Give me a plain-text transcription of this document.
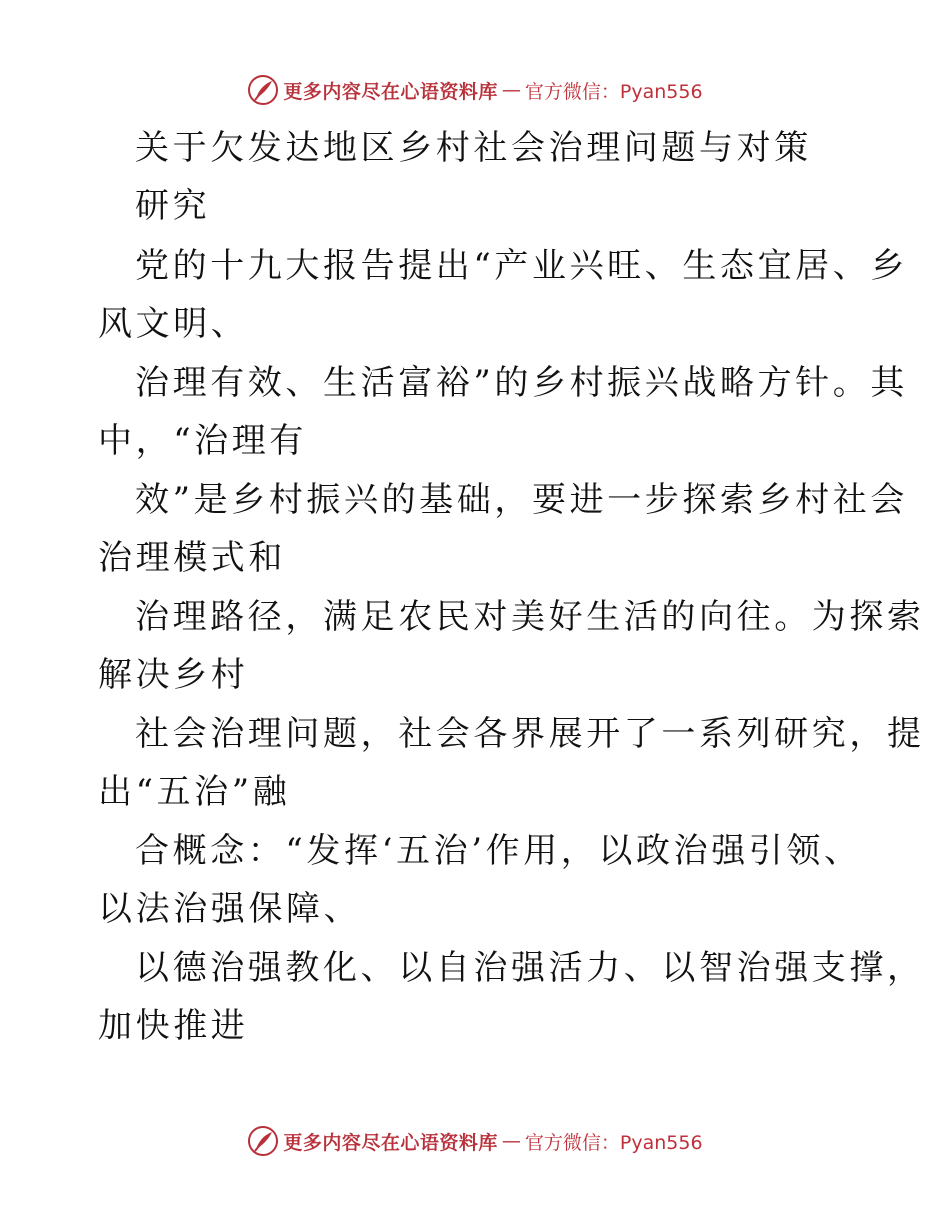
更多内容尽在心语资料库 — 官方微信：Pyan556
关于欠发达地区乡村社会治理问题与对策
研究
党的十九大报告提出“产业兴旺、生态宜居、乡
风文明、
治理有效、生活富裕”的乡村振兴战略方针。其
中，“治理有
效”是乡村振兴的基础，要进一步探索乡村社会
治理模式和
治理路径，满足农民对美好生活的向往。为探索
解决乡村
社会治理问题，社会各界展开了一系列研究，提
出“五治”融
合概念：“发挥‘五治’作用，以政治强引领、
以法治强保障、
以德治强教化、以自治强活力、以智治强支撑，
加快推进
更多内容尽在心语资料库 — 官方微信：Pyan556
